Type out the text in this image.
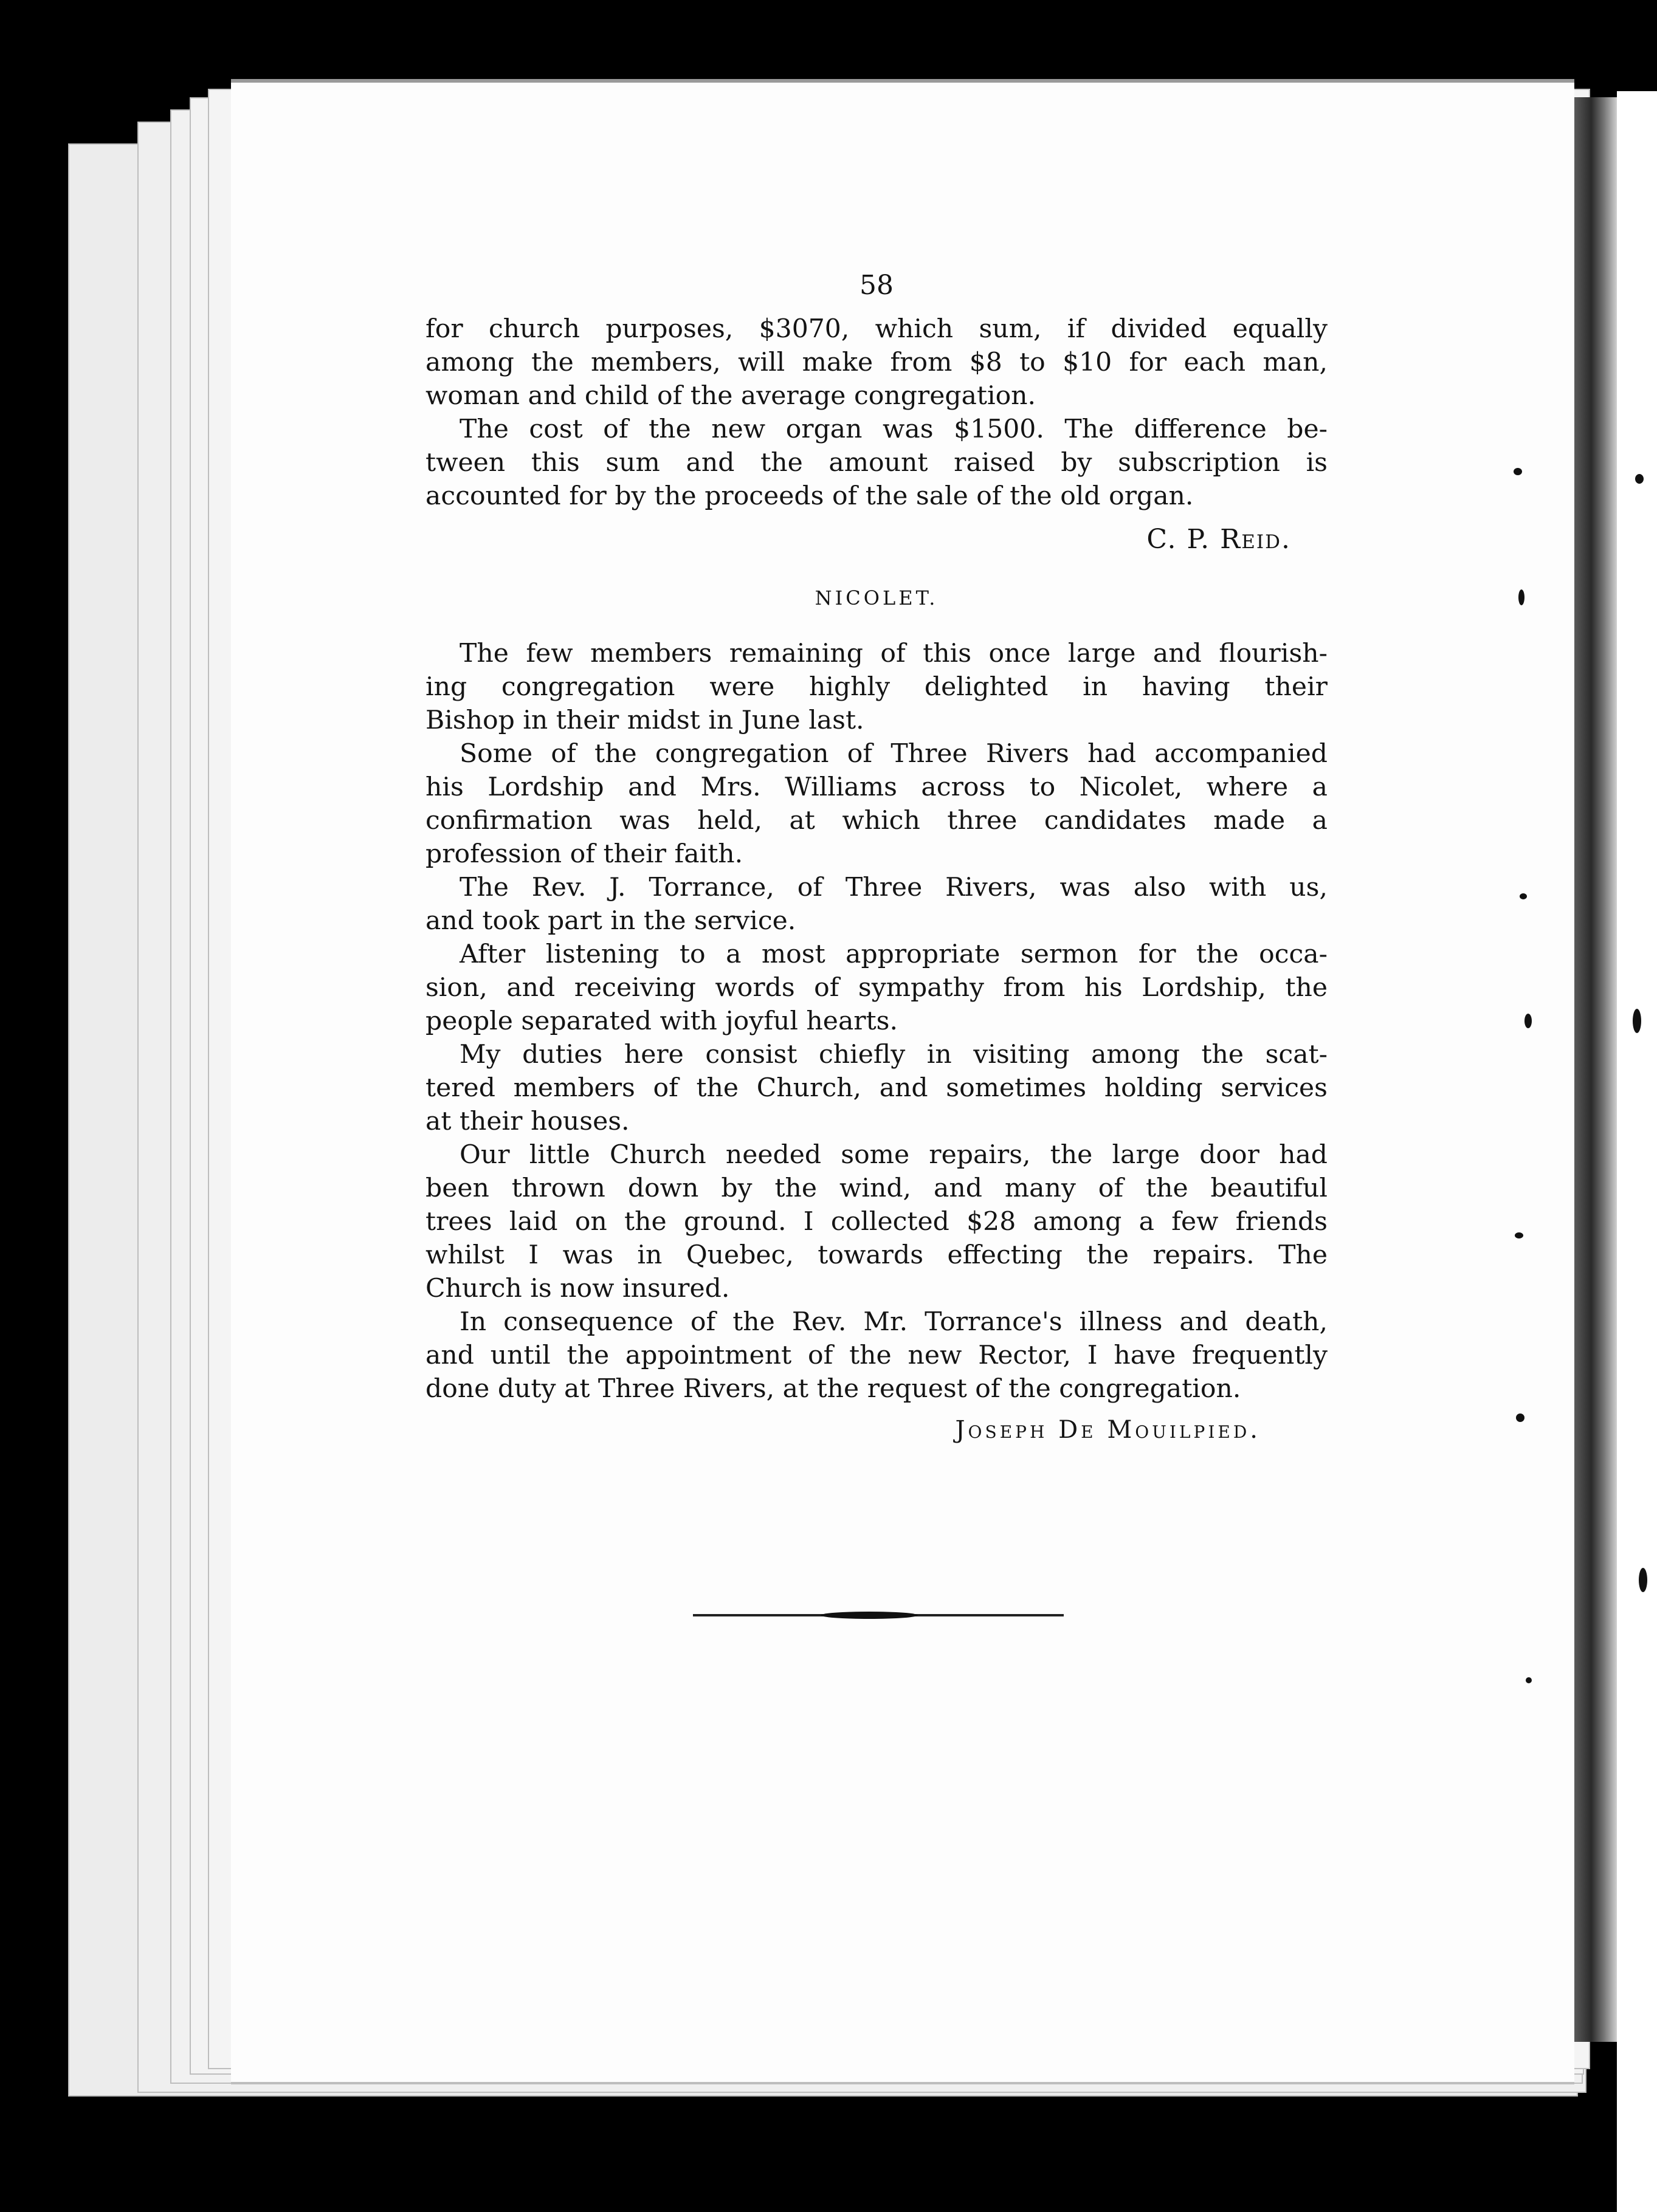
58

for church purposes, $3070, which sum, if divided equally
among the members, will make from $8 to $10 for each man,

woman and child of the average congregation.

The cost of the new organ was $1500. The difference be-
tween this sum and the amount raised by subscription is

accounted for by the proceeds of the sale of the old organ.

C. P. Reid.
NICOLET.

The few members remaining of this once large and flourish-

ing congregation were highly delighted in having their

Bishop in their midst in June last.

Some of the congregation of Three Rivers had accompanied

his Lordship and Mrs. Williams across to Nicolet, where a

confirmation was held, at which three candidates made a

profession of their faith.

The Rev. J. Torrance, of Three Rivers, was also with us,

and took part in the service.

After listening to a most appropriate sermon for the occa-

sion, and receiving words of sympathy from his Lordship, the

people separated with joyful hearts.

My duties here consist chiefly in visiting among the scat-

tered members of the Church, and sometimes holding services

at their houses.

Our little Church needed some repairs, the large door had

been thrown down by the wind, and many of the beautiful

trees laid on the ground. I collected $28 among a few friends

whilst I was in Quebec, towards effecting the repairs. The

Church is now insured.

In consequence of the Rev. Mr. Torrance's illness and death,

and until the appointment of the new Rector, I have frequently

done duty at Three Rivers, at the request of the congregation.

Joseph De Mouilpied.
